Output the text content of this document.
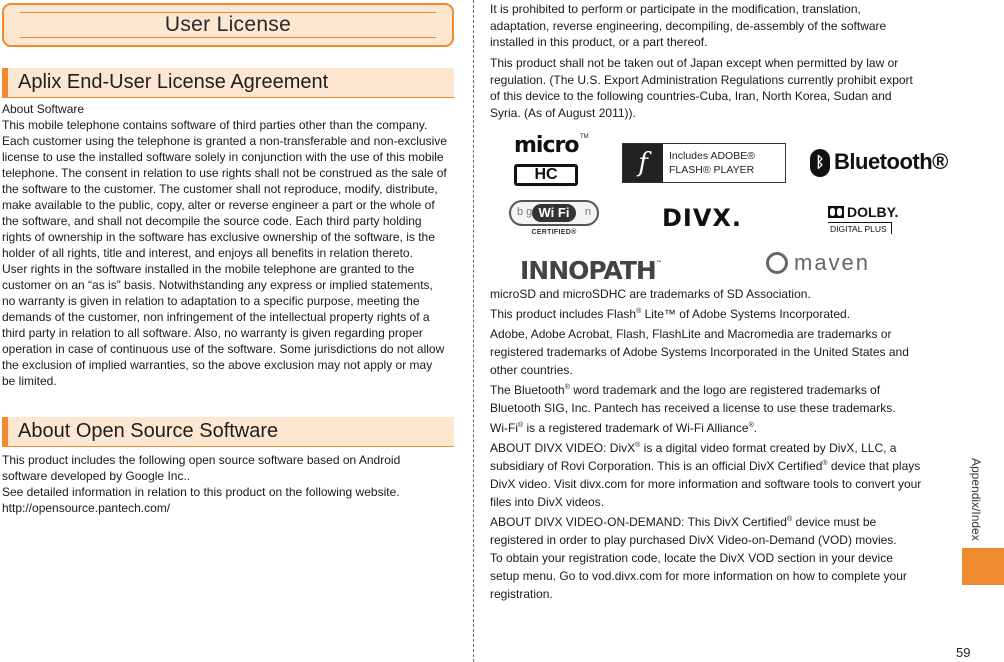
User License
Aplix End-User License Agreement

About Software

This mobile telephone contains software of third parties other than the company.

Each customer using the telephone is granted a non-transferable and non-exclusive

license to use the installed software solely in conjunction with the use of this mobile

telephone. The consent in relation to use rights shall not be construed as the sale of

the software to the customer. The customer shall not reproduce, modify, distribute,

make available to the public, copy, alter or reverse engineer a part or the whole of

the software, and shall not decompile the source code. Each third party holding

rights of ownership in the software has exclusive ownership of the software, is the

holder of all rights, title and interest, and enjoys all benefits in relation thereto.

User rights in the software installed in the mobile telephone are granted to the

customer on an “as is” basis. Notwithstanding any express or implied statements,

no warranty is given in relation to adaptation to a specific purpose, meeting the

demands of the customer, non infringement of the intellectual property rights of a

third party in relation to all software. Also, no warranty is given regarding proper

operation in case of continuous use of the software. Some jurisdictions do not allow

the exclusion of implied warranties, so the above exclusion may not apply or may

be limited.

About Open Source Software

This product includes the following open source software based on Android

software developed by Google Inc..

See detailed information in relation to this product on the following website.

http://opensource.pantech.com/

It is prohibited to perform or participate in the modification, translation,

adaptation, reverse engineering, decompiling, de-assembly of the software

installed in this product, or a part thereof.

This product shall not be taken out of Japan except when permitted by law or

regulation. (The U.S. Export Administration Regulations currently prohibit export

of this device to the following countries-Cuba, Iran, North Korea, Sudan and

Syria. (As of August 2011)).

micro TM
HC	f	Includes ADOBE®
FLASH® PLAYER	ᛒ Bluetooth®
b g Wi Fi	n
CERTIFIED®
DIVX.	DOLBY.
DIGITAL PLUS
INNOPATH™	maven

microSD and microSDHC are trademarks of SD Association.

This product includes Flash® Lite™ of Adobe Systems Incorporated.

Adobe, Adobe Acrobat, Flash, FlashLite and Macromedia are trademarks or

registered trademarks of Adobe Systems Incorporated in the United States and

other countries.

The Bluetooth® word trademark and the logo are registered trademarks of

Bluetooth SIG, Inc. Pantech has received a license to use these trademarks.

Wi-Fi® is a registered trademark of Wi-Fi Alliance®.

ABOUT DIVX VIDEO: DivX® is a digital video format created by DivX, LLC, a

subsidiary of Rovi Corporation. This is an official DivX Certified® device that plays

DivX video. Visit divx.com for more information and software tools to convert your

files into DivX videos.

ABOUT DIVX VIDEO-ON-DEMAND: This DivX Certified® device must be

registered in order to play purchased DivX Video-on-Demand (VOD) movies.

To obtain your registration code, locate the DivX VOD section in your device

setup menu. Go to vod.divx.com for more information on how to complete your

registration.

Appendix/Index
59
